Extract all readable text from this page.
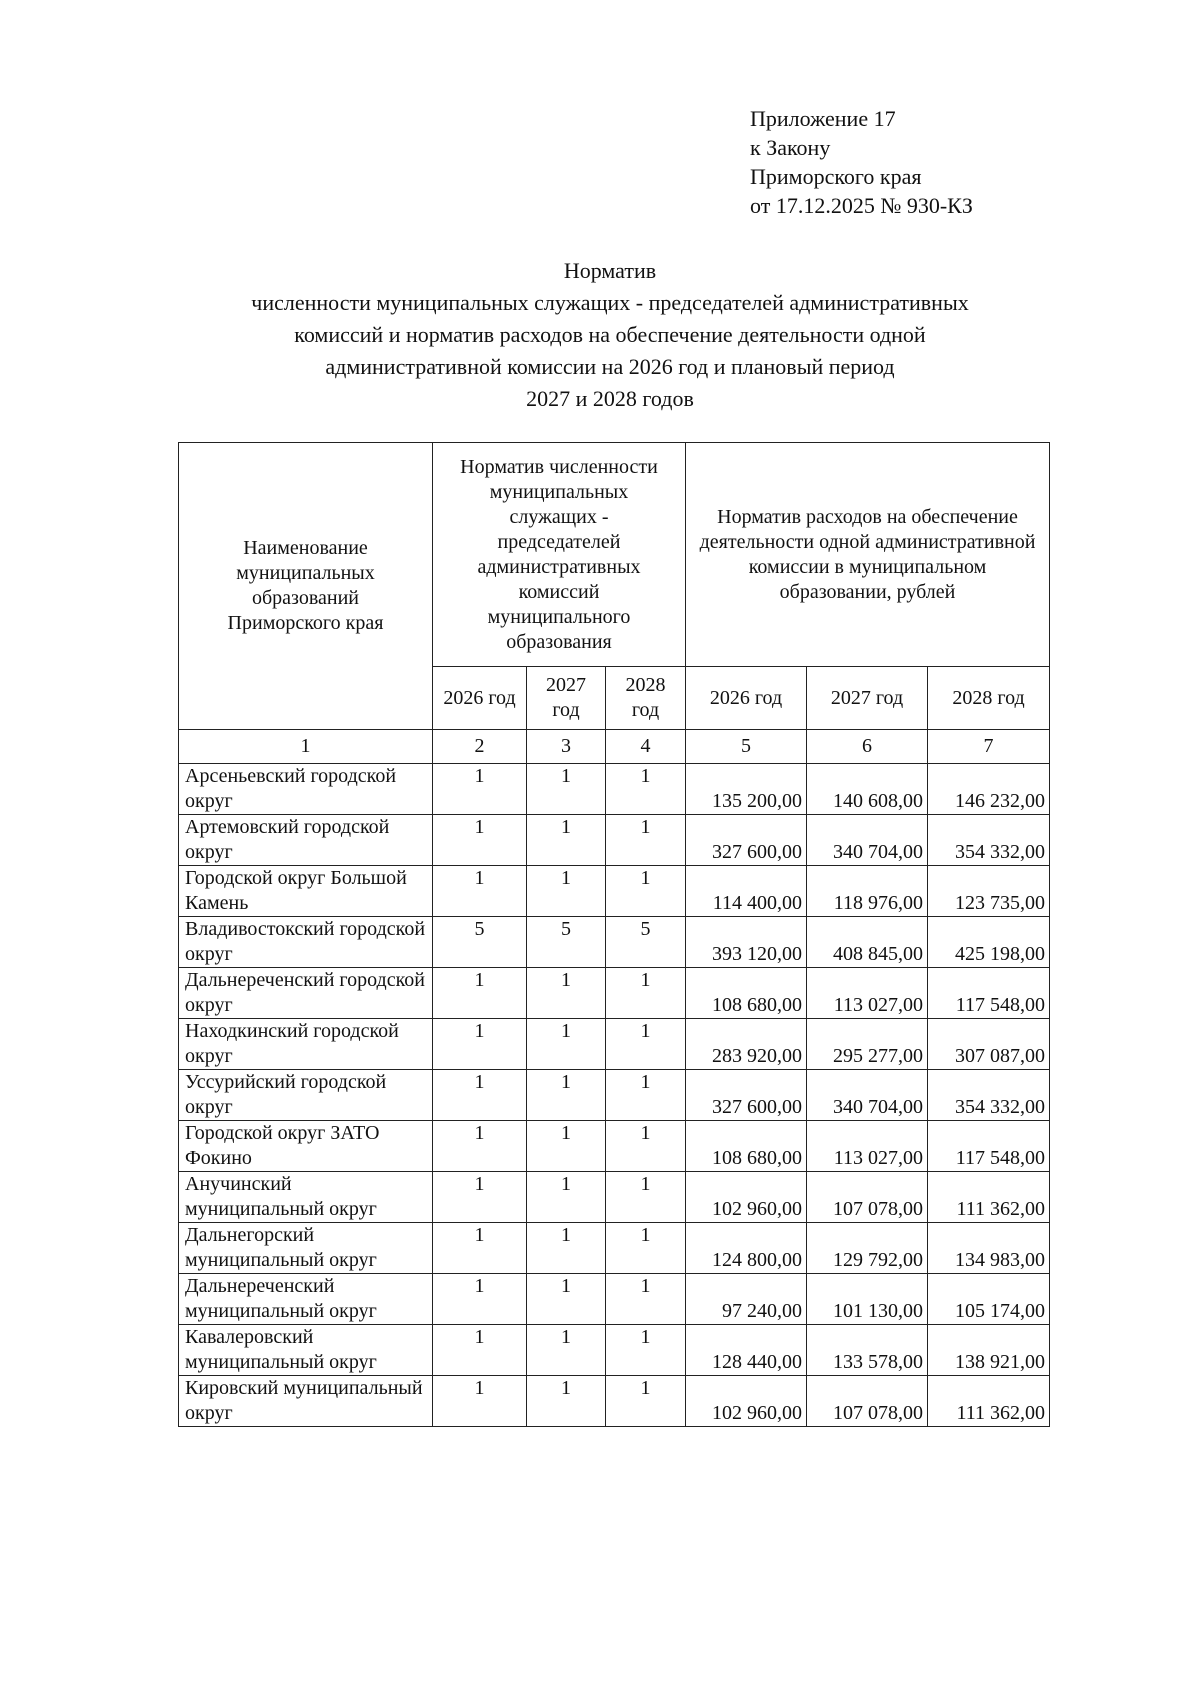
Приложение 17
к Закону
Приморского края
от 17.12.2025 № 930-КЗ
Норматив
численности муниципальных служащих - председателей административных
комиссий и норматив расходов на обеспечение деятельности одной
административной комиссии на 2026 год и плановый период
2027 и 2028 годов
Наименование муниципальных образований Приморского края	Норматив численности муниципальных служащих - председателей административных комиссий муниципального образования			Норматив расходов на обеспечение деятельности одной административной комиссии в муниципальном образовании, рублей		
	2026 год	2027 год	2028 год	2026 год	2027 год	2028 год
1	2	3	4	5	6	7
Арсеньевский городской округ	1	1	1	135 200,00	140 608,00	146 232,00
Артемовский городской округ	1	1	1	327 600,00	340 704,00	354 332,00
Городской округ Большой Камень	1	1	1	114 400,00	118 976,00	123 735,00
Владивостокский городской округ	5	5	5	393 120,00	408 845,00	425 198,00
Дальнереченский городской округ	1	1	1	108 680,00	113 027,00	117 548,00
Находкинский городской округ	1	1	1	283 920,00	295 277,00	307 087,00
Уссурийский городской округ	1	1	1	327 600,00	340 704,00	354 332,00
Городской округ ЗАТО Фокино	1	1	1	108 680,00	113 027,00	117 548,00
Анучинский муниципальный округ	1	1	1	102 960,00	107 078,00	111 362,00
Дальнегорский муниципальный округ	1	1	1	124 800,00	129 792,00	134 983,00
Дальнереченский муниципальный округ	1	1	1	97 240,00	101 130,00	105 174,00
Кавалеровский муниципальный округ	1	1	1	128 440,00	133 578,00	138 921,00
Кировский муниципальный округ	1	1	1	102 960,00	107 078,00	111 362,00
